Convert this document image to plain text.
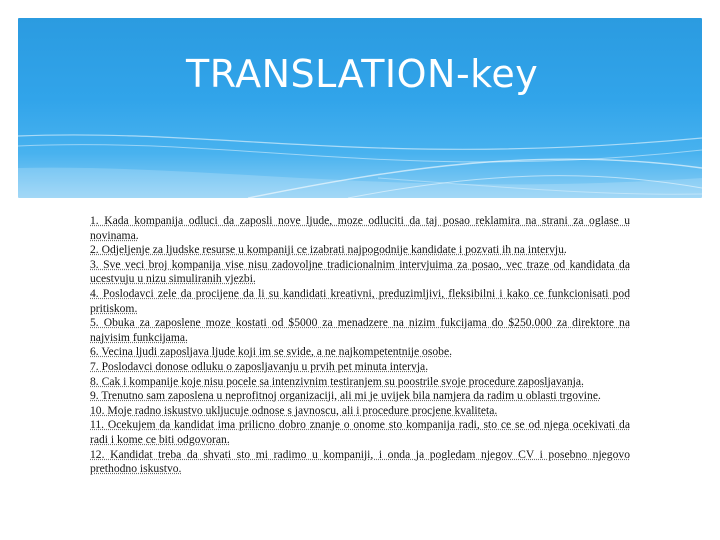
TRANSLATION-key
1. Kada kompanija odluci da zaposli nove ljude, moze odluciti da taj posao reklamira na strani za oglase u novinama.
2. Odjeljenje za ljudske resurse u kompaniji ce izabrati najpogodnije kandidate i pozvati ih na intervju.
3. Sve veci broj kompanija vise nisu zadovoljne tradicionalnim intervjuima za posao, vec traze od kandidata da ucestvuju u nizu simuliranih vjezbi.
4. Poslodavci zele da procijene da li su kandidati kreativni, preduzimljivi, fleksibilni i kako ce funkcionisati pod pritiskom.
5. Obuka za zaposlene moze kostati od $5000 za menadzere na nizim fukcijama do $250.000 za direktore na najvisim funkcijama.
6. Vecina ljudi zaposljava ljude koji im se svide, a ne najkompetentnije osobe.
7. Poslodavci donose odluku o zaposljavanju u prvih pet minuta intervja.
8. Cak i kompanije koje nisu pocele sa intenzivnim testiranjem su poostrile svoje procedure zaposljavanja.
9. Trenutno sam zaposlena u neprofitnoj organizaciji, ali mi je uvijek bila namjera da radim u oblasti trgovine.
10. Moje radno iskustvo ukljucuje odnose s javnoscu, ali i procedure procjene kvaliteta.
11. Ocekujem da kandidat ima prilicno dobro znanje o onome sto kompanija radi, sto ce se od njega ocekivati da radi i kome ce biti odgovoran.
12. Kandidat treba da shvati sto mi radimo u kompaniji, i onda ja pogledam njegov CV i posebno njegovo prethodno iskustvo.
